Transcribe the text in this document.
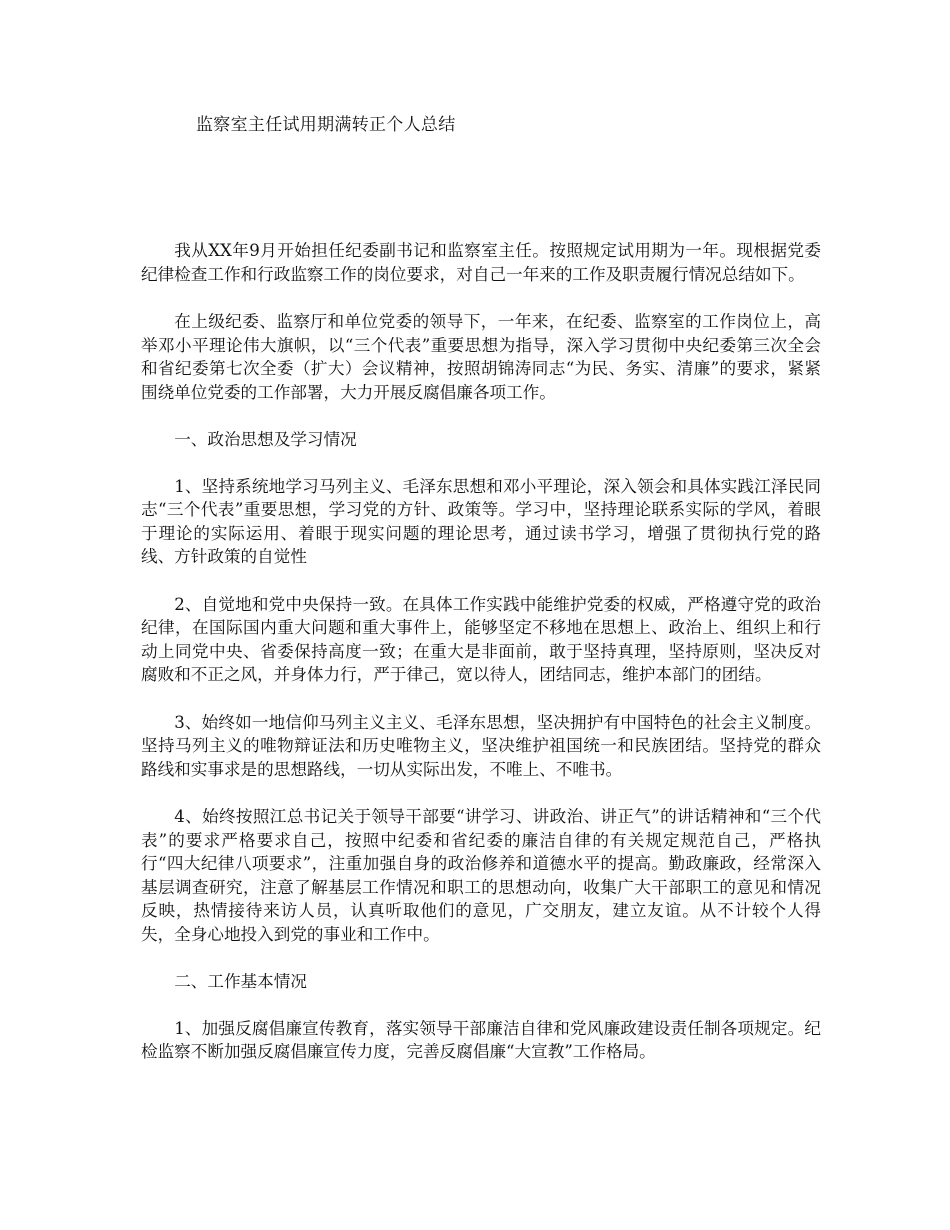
监察室主任试用期满转正个人总结

我从XX年9月开始担任纪委副书记和监察室主任。按照规定试用期为一年。现根据党委纪律检查工作和行政监察工作的岗位要求，对自己一年来的工作及职责履行情况总结如下。

在上级纪委、监察厅和单位党委的领导下，一年来，在纪委、监察室的工作岗位上，高举邓小平理论伟大旗帜，以“三个代表”重要思想为指导，深入学习贯彻中央纪委第三次全会和省纪委第七次全委（扩大）会议精神，按照胡锦涛同志“为民、务实、清廉”的要求，紧紧围绕单位党委的工作部署，大力开展反腐倡廉各项工作。

一、政治思想及学习情况

1、坚持系统地学习马列主义、毛泽东思想和邓小平理论，深入领会和具体实践江泽民同志“三个代表”重要思想，学习党的方针、政策等。学习中，坚持理论联系实际的学风，着眼于理论的实际运用、着眼于现实问题的理论思考，通过读书学习，增强了贯彻执行党的路线、方针政策的自觉性

2、自觉地和党中央保持一致。在具体工作实践中能维护党委的权威，严格遵守党的政治纪律，在国际国内重大问题和重大事件上，能够坚定不移地在思想上、政治上、组织上和行动上同党中央、省委保持高度一致；在重大是非面前，敢于坚持真理，坚持原则，坚决反对腐败和不正之风，并身体力行，严于律己，宽以待人，团结同志，维护本部门的团结。

3、始终如一地信仰马列主义主义、毛泽东思想，坚决拥护有中国特色的社会主义制度。坚持马列主义的唯物辩证法和历史唯物主义，坚决维护祖国统一和民族团结。坚持党的群众路线和实事求是的思想路线，一切从实际出发，不唯上、不唯书。

4、始终按照江总书记关于领导干部要“讲学习、讲政治、讲正气”的讲话精神和“三个代表”的要求严格要求自己，按照中纪委和省纪委的廉洁自律的有关规定规范自己，严格执行“四大纪律八项要求”，注重加强自身的政治修养和道德水平的提高。勤政廉政，经常深入基层调查研究，注意了解基层工作情况和职工的思想动向，收集广大干部职工的意见和情况反映，热情接待来访人员，认真听取他们的意见，广交朋友，建立友谊。从不计较个人得失，全身心地投入到党的事业和工作中。

二、工作基本情况

1、加强反腐倡廉宣传教育，落实领导干部廉洁自律和党风廉政建设责任制各项规定。纪检监察不断加强反腐倡廉宣传力度，完善反腐倡廉“大宣教”工作格局。
